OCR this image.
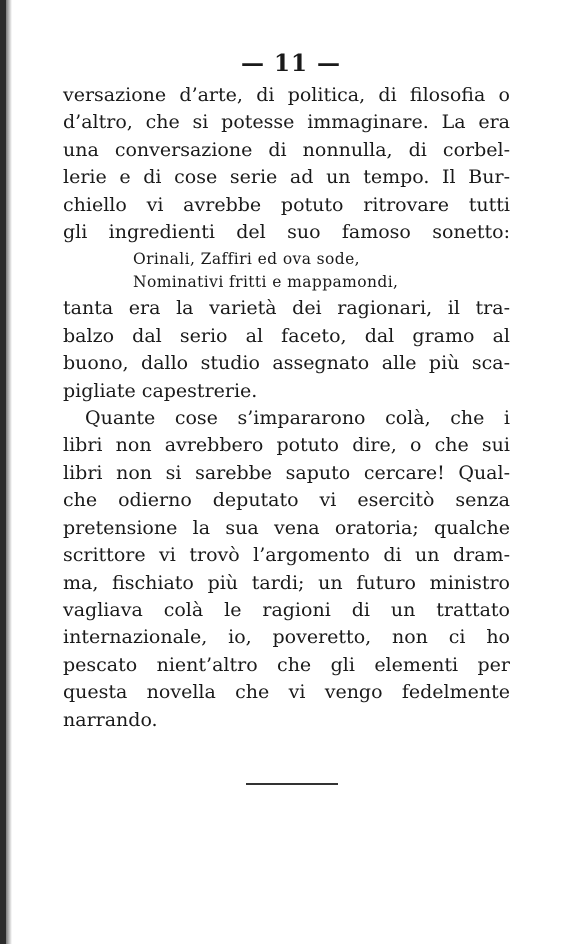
— 11 —
versazione d’arte, di politica, di filosofia o
d’altro, che si potesse immaginare. La era
una conversazione di nonnulla, di corbel-
lerie e di cose serie ad un tempo. Il Bur-
chiello vi avrebbe potuto ritrovare tutti
gli ingredienti del suo famoso sonetto:
Orinali, Zaffiri ed ova sode,
Nominativi fritti e mappamondi,
tanta era la varietà dei ragionari, il tra-
balzo dal serio al faceto, dal gramo al
buono, dallo studio assegnato alle più sca-
pigliate capestrerie.
Quante cose s’impararono colà, che i
libri non avrebbero potuto dire, o che sui
libri non si sarebbe saputo cercare! Qual-
che odierno deputato vi esercitò senza
pretensione la sua vena oratoria; qualche
scrittore vi trovò l’argomento di un dram-
ma, fischiato più tardi; un futuro ministro
vagliava colà le ragioni di un trattato
internazionale, io, poveretto, non ci ho
pescato nient’altro che gli elementi per
questa novella che vi vengo fedelmente
narrando.
